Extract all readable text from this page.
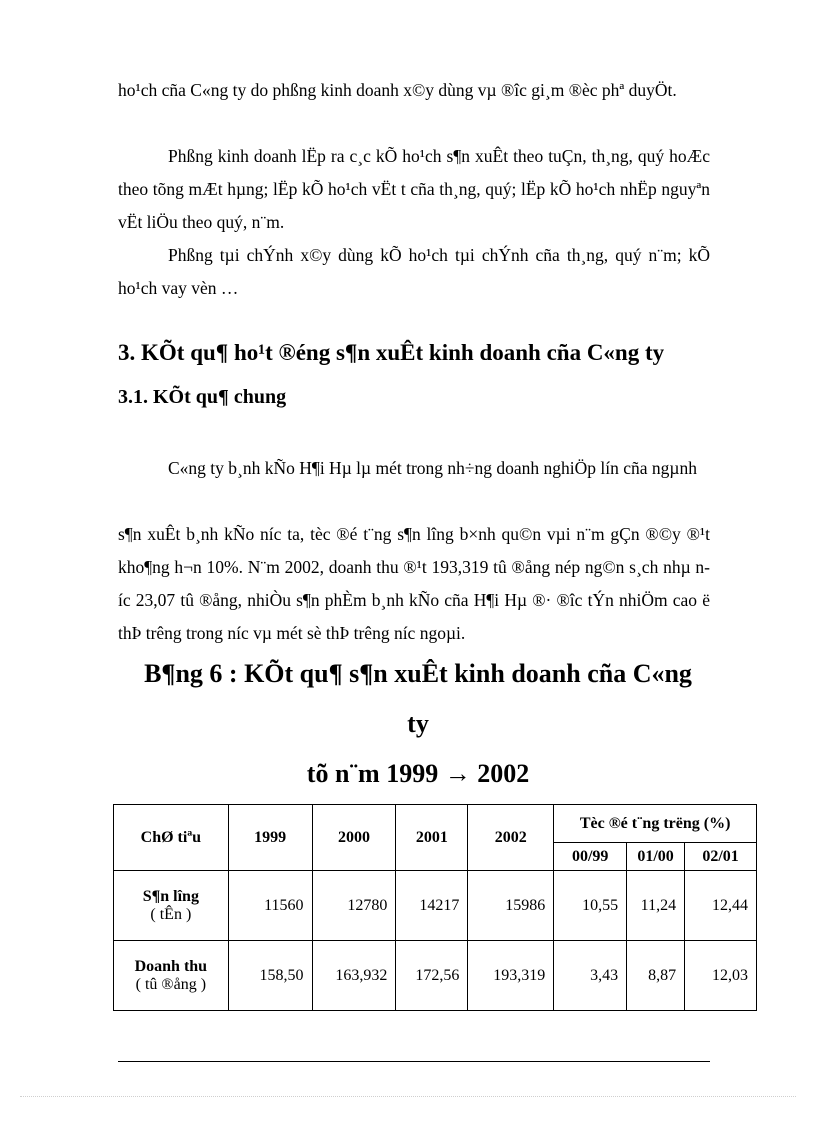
ho¹ch cña C«ng ty do phßng kinh doanh x©y dùng vµ ®îc gi¸m ®èc phª duyÖt.

Phßng kinh doanh lËp ra c¸c kÕ ho¹ch s¶n xuÊt theo tuÇn, th¸ng, quý hoÆc theo tõng mÆt hµng; lËp kÕ ho¹ch vËt t cña th¸ng, quý; lËp kÕ ho¹ch nhËp nguyªn vËt liÖu theo quý, n¨m.

Phßng tµi chÝnh x©y dùng kÕ ho¹ch tµi chÝnh cña th¸ng, quý n¨m; kÕ ho¹ch vay vèn …

3. KÕt qu¶ ho¹t ®éng s¶n xuÊt kinh doanh cña C«ng ty
3.1. KÕt qu¶ chung

C«ng ty b¸nh kÑo H¶i Hµ lµ mét trong nh÷ng doanh nghiÖp lín cña ngµnh

s¶n xuÊt b¸nh kÑo níc ta, tèc ®é t¨ng s¶n lîng b×nh qu©n vµi n¨m gÇn ®©y ®¹t kho¶ng h¬n 10%. N¨m 2002, doanh thu ®¹t 193,319 tû ®ång nép ng©n s¸ch nhµ níc 23,07 tû ®ång, nhiÒu s¶n phÈm b¸nh kÑo cña H¶i Hµ ®· ®îc tÝn nhiÖm cao ë thÞ trêng trong níc vµ mét sè thÞ trêng níc ngoµi.

B¶ng 6 : KÕt qu¶ s¶n xuÊt kinh doanh cña C«ng
ty
tõ n¨m 1999 → 2002
ChØ tiªu	1999	2000	2001	2002	Tèc ®é t¨ng trëng (%)		
					00/99	01/00	02/01

S¶n lîng
( tÊn )	11560	12780	14217	15986	10,55	11,24	12,44

Doanh thu
( tû ®ång )	158,50	163,932	172,56	193,319	3,43	8,87	12,03
